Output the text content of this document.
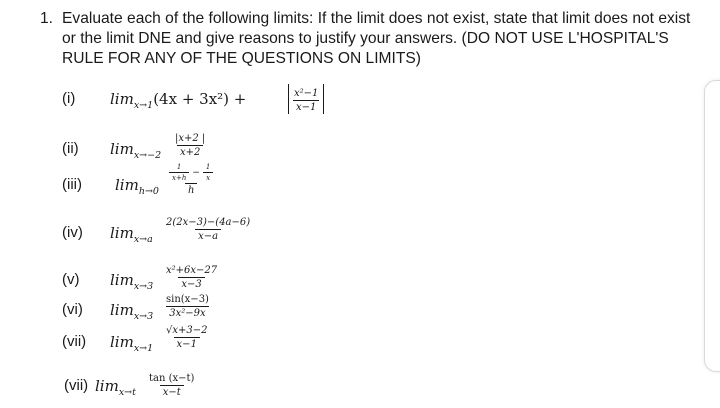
1. Evaluate each of the following limits: If the limit does not exist, state that limit does not exist or the limit DNE and give reasons to justify your answers. (DO NOT USE L'HOSPITAL'S RULE FOR ANY OF THE QUESTIONS ON LIMITS)

(i) $\lim_{x\to 1}(4x + 3x^2)$ +	$\frac{\text{x²−1}}{x-1}$
(ii) $\lim_{x\to-2} \frac{|x+2 |}{x+2}$
(iii) $\lim_{h\to 0} \frac{\frac{1}{x+h} - \frac{1}{x}}{h}$
(iv) $\lim_{x\to a} \frac{2(2x-3)-(4a-6)}{x-a}$
(v) $\lim_{x\to 3} \frac{\text{x²+6x−27}}{x-3}$
(vi) $\lim_{x\to 3} \frac{\sin(x-3)}{\text{3x²−9x}}$
(vii) $\lim_{x\to 1} \frac{√x+3-2}{x-1}$
(vii) $\lim_{x\to t} \frac{\tan (x-t)}{x-t}$
